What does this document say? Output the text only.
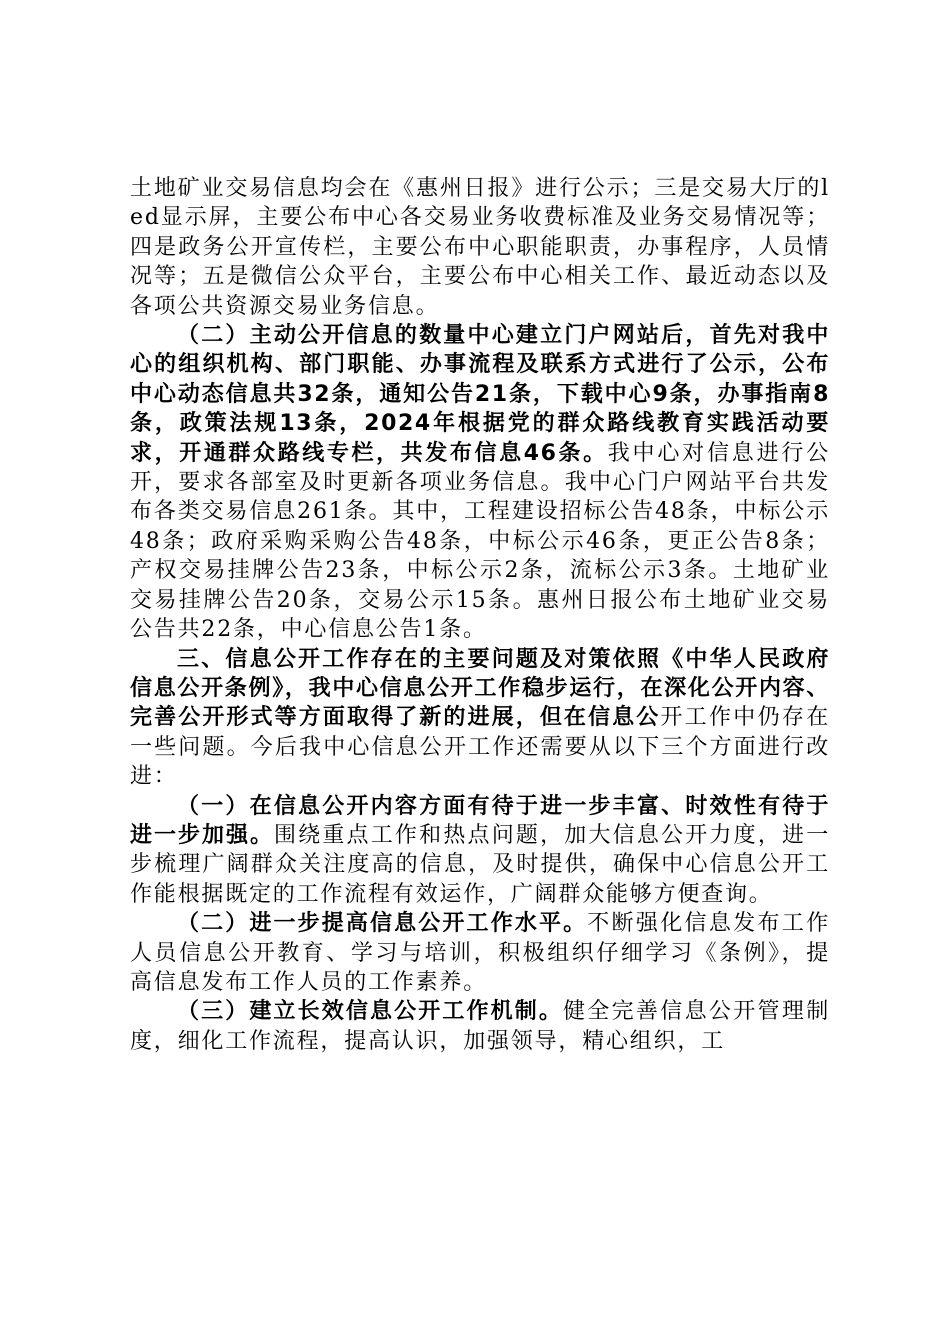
土地矿业交易信息均会在《惠州日报》进行公示；三是交易大厅的led显示屏，主要公布中心各交易业务收费标准及业务交易情况等；四是政务公开宣传栏，主要公布中心职能职责，办事程序，人员情况等；五是微信公众平台，主要公布中心相关工作、最近动态以及各项公共资源交易业务信息。

（二）主动公开信息的数量中心建立门户网站后，首先对我中心的组织机构、部门职能、办事流程及联系方式进行了公示，公布中心动态信息共32条，通知公告21条，下载中心9条，办事指南8条，政策法规13条，2024年根据党的群众路线教育实践活动要求，开通群众路线专栏，共发布信息46条。我中心对信息进行公开，要求各部室及时更新各项业务信息。我中心门户网站平台共发布各类交易信息261条。其中，工程建设招标公告48条，中标公示48条；政府采购采购公告48条，中标公示46条，更正公告8条；产权交易挂牌公告23条，中标公示2条，流标公示3条。土地矿业交易挂牌公告20条，交易公示15条。惠州日报公布土地矿业交易公告共22条，中心信息公告1条。

三、信息公开工作存在的主要问题及对策依照《中华人民政府信息公开条例》，我中心信息公开工作稳步运行，在深化公开内容、完善公开形式等方面取得了新的进展，但在信息公开工作中仍存在一些问题。今后我中心信息公开工作还需要从以下三个方面进行改进：

（一）在信息公开内容方面有待于进一步丰富、时效性有待于进一步加强。围绕重点工作和热点问题，加大信息公开力度，进一步梳理广阔群众关注度高的信息，及时提供，确保中心信息公开工作能根据既定的工作流程有效运作，广阔群众能够方便查询。

（二）进一步提高信息公开工作水平。不断强化信息发布工作人员信息公开教育、学习与培训，积极组织仔细学习《条例》，提高信息发布工作人员的工作素养。

（三）建立长效信息公开工作机制。健全完善信息公开管理制度，细化工作流程，提高认识，加强领导，精心组织，工
